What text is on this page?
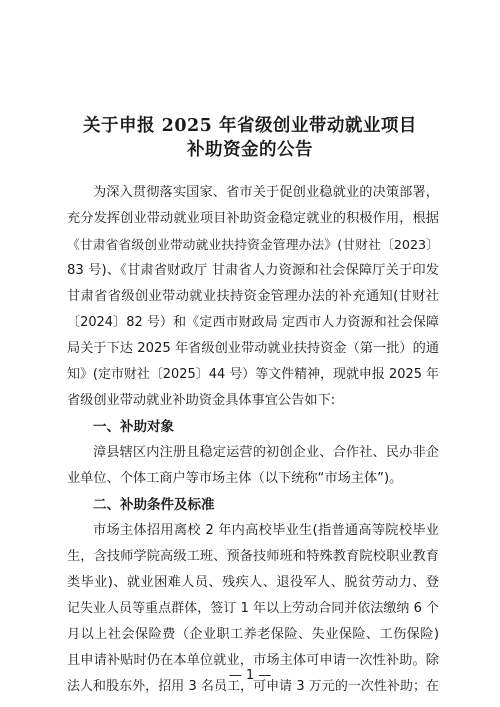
关于申报 2025 年省级创业带动就业项目
补助资金的公告
为深入贯彻落实国家、省市关于促创业稳就业的决策部署，
充分发挥创业带动就业项目补助资金稳定就业的积极作用，根据
《甘肃省省级创业带动就业扶持资金管理办法》(甘财社〔2023〕
83 号)、《甘肃省财政厅 甘肃省人力资源和社会保障厅关于印发
甘肃省省级创业带动就业扶持资金管理办法的补充通知(甘财社
〔2024〕82 号）和《定西市财政局 定西市人力资源和社会保障
局关于下达 2025 年省级创业带动就业扶持资金（第一批）的通
知》(定市财社〔2025〕44 号）等文件精神，现就申报 2025 年
省级创业带动就业补助资金具体事宜公告如下:
一、补助对象
漳县辖区内注册且稳定运营的初创企业、合作社、民办非企
业单位、个体工商户等市场主体（以下统称“市场主体”)。
二、补助条件及标准
市场主体招用离校 2 年内高校毕业生(指普通高等院校毕业
生，含技师学院高级工班、预备技师班和特殊教育院校职业教育
类毕业)、就业困难人员、残疾人、退役军人、脱贫劳动力、登
记失业人员等重点群体，签订 1 年以上劳动合同并依法缴纳 6 个
月以上社会保险费（企业职工养老保险、失业保险、工伤保险)
且申请补贴时仍在本单位就业，市场主体可申请一次性补助。除
法人和股东外，招用 3 名员工，可申请 3 万元的一次性补助；在
— 1 —
